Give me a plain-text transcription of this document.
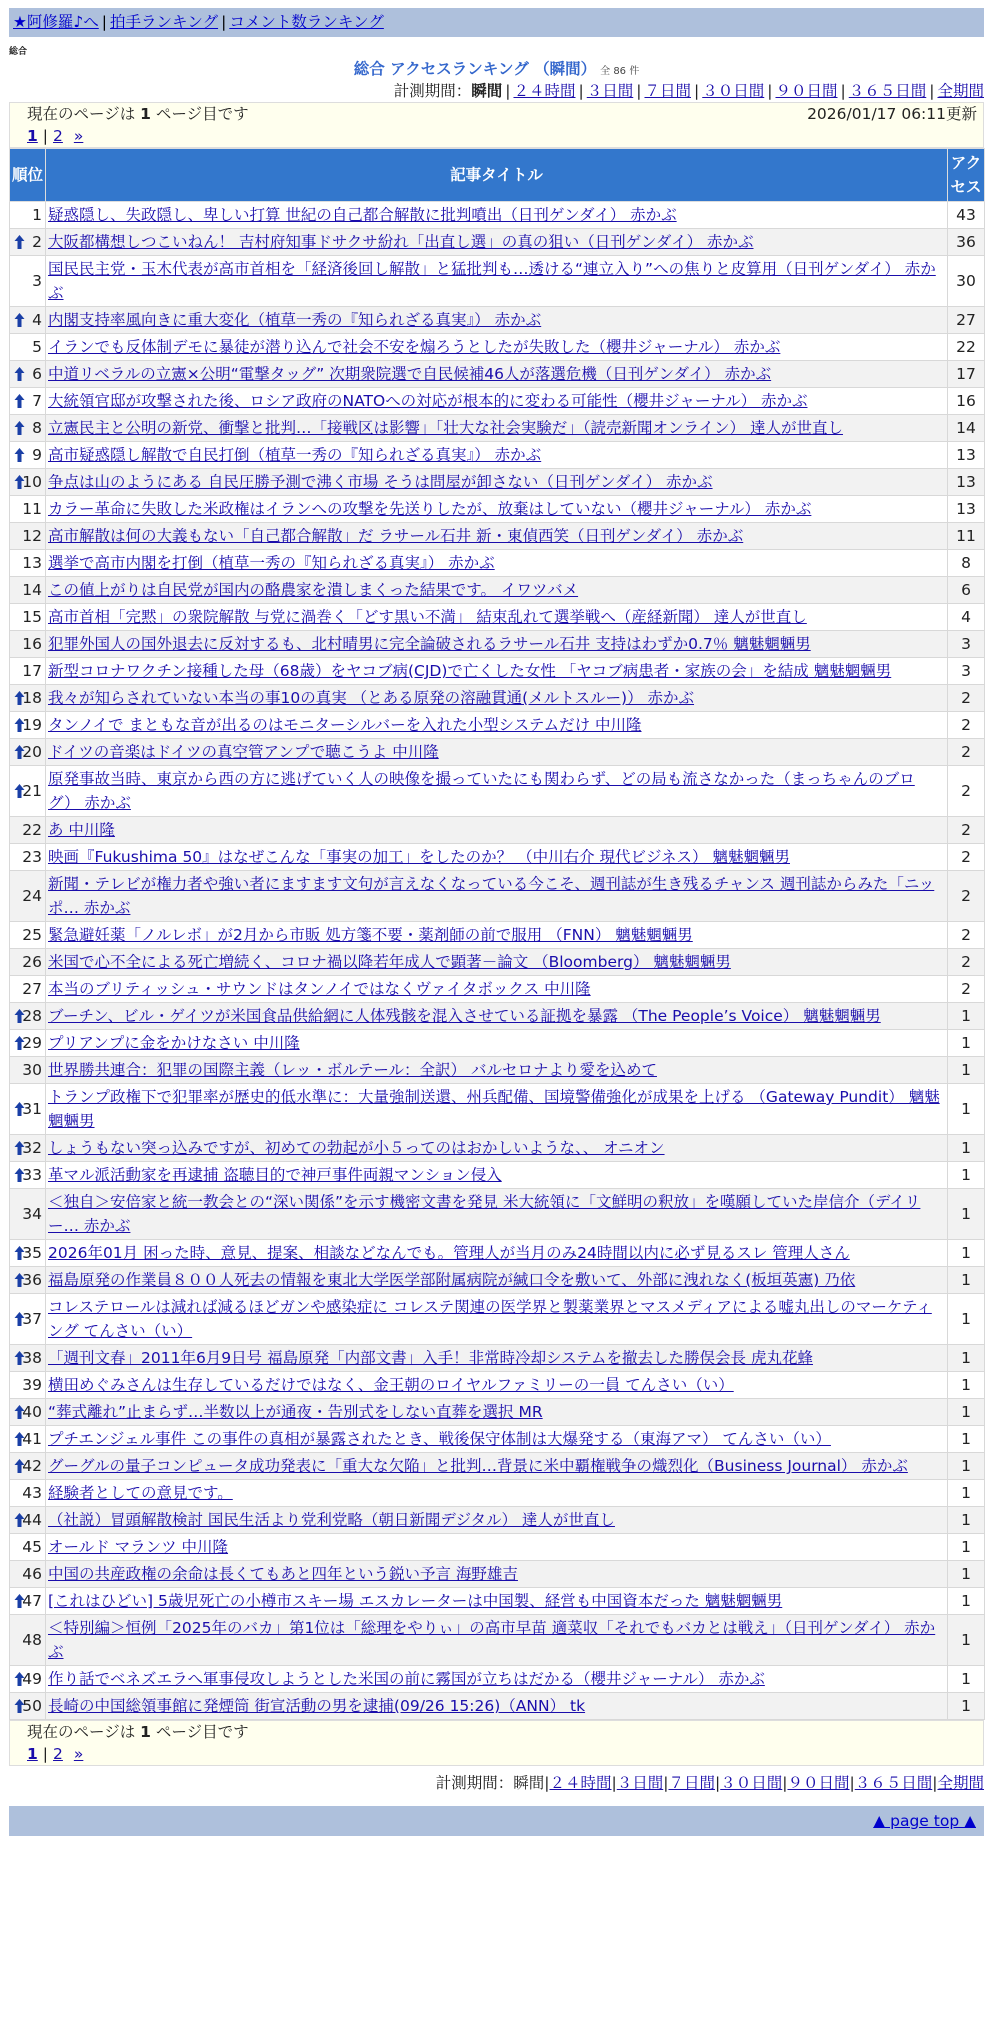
★阿修羅♪へ | 拍手ランキング | コメント数ランキング
総合
総合 アクセスランキング （瞬間） 全 86 件
計測期間：瞬間 | ２４時間 | ３日間 | ７日間 | ３０日間 | ９０日間 | ３６５日間 | 全期間
現在のページは 1 ページ目です	2026/01/17 06:11更新
1 | 2 »
順位	記事タイトル	アクセス
1	疑惑隠し、失政隠し、卑しい打算 世紀の自己都合解散に批判噴出（日刊ゲンダイ） 赤かぶ	43

2	大阪都構想しつこいねん！ 吉村府知事ドサクサ紛れ「出直し選」の真の狙い（日刊ゲンダイ） 赤かぶ	36
3	国民民主党・玉木代表が高市首相を「経済後回し解散」と猛批判も…透ける“連立入り”への焦りと皮算用（日刊ゲンダイ） 赤かぶ	30

4	内閣支持率風向きに重大変化（植草一秀の『知られざる真実』） 赤かぶ	27
5	イランでも反体制デモに暴徒が潜り込んで社会不安を煽ろうとしたが失敗した（櫻井ジャーナル） 赤かぶ	22

6	中道リベラルの立憲×公明“電撃タッグ” 次期衆院選で自民候補46人が落選危機（日刊ゲンダイ） 赤かぶ	17

7	大統領官邸が攻撃された後、ロシア政府のNATOへの対応が根本的に変わる可能性（櫻井ジャーナル） 赤かぶ	16

8	立憲民主と公明の新党、衝撃と批判…「接戦区は影響」「壮大な社会実験だ」（読売新聞オンライン） 達人が世直し	14

9	高市疑惑隠し解散で自民打倒（植草一秀の『知られざる真実』） 赤かぶ	13

10	争点は山のようにある 自民圧勝予測で沸く市場 そうは問屋が卸さない（日刊ゲンダイ） 赤かぶ	13
11	カラー革命に失敗した米政権はイランへの攻撃を先送りしたが、放棄はしていない（櫻井ジャーナル） 赤かぶ	13
12	高市解散は何の大義もない「自己都合解散」だ ラサール石井 新・東偵西笑（日刊ゲンダイ） 赤かぶ	11
13	選挙で高市内閣を打倒（植草一秀の『知られざる真実』） 赤かぶ	8
14	この値上がりは自民党が国内の酪農家を潰しまくった結果です。 イワツバメ	6
15	高市首相「完黙」の衆院解散 与党に渦巻く「どす黒い不満」 結束乱れて選挙戦へ（産経新聞） 達人が世直し	4
16	犯罪外国人の国外退去に反対するも、北村晴男に完全論破されるラサール石井 支持はわずか0.7％ 魑魅魍魎男	3
17	新型コロナワクチン接種した母（68歳）をヤコブ病(CJD)で亡くした女性 「ヤコブ病患者・家族の会」を結成 魑魅魍魎男	3

18	我々が知らされていない本当の事10の真実 （とある原発の溶融貫通(メルトスルー)） 赤かぶ	2

19	タンノイで まともな音が出るのはモニターシルバーを入れた小型システムだけ 中川隆	2

20	ドイツの音楽はドイツの真空管アンプで聴こうよ 中川隆	2

21	原発事故当時、東京から西の方に逃げていく人の映像を撮っていたにも関わらず、どの局も流さなかった（まっちゃんのブログ） 赤かぶ	2
22	あ 中川隆	2
23	映画『Fukushima 50』はなぜこんな「事実の加工」をしたのか？ （中川右介 現代ビジネス） 魑魅魍魎男	2
24	新聞・テレビが権力者や強い者にますます文句が言えなくなっている今こそ、週刊誌が生き残るチャンス 週刊誌からみた「ニッポ… 赤かぶ	2
25	緊急避妊薬「ノルレボ」が2月から市販 処方箋不要・薬剤師の前で服用 （FNN） 魑魅魍魎男	2
26	米国で心不全による死亡増続く、コロナ禍以降若年成人で顕著－論文 （Bloomberg） 魑魅魍魎男	2
27	本当のブリティッシュ・サウンドはタンノイではなくヴァイタボックス 中川隆	2

28	ブーチン、ビル・ゲイツが米国食品供給網に人体残骸を混入させている証拠を暴露 （The People’s Voice） 魑魅魍魎男	1

29	プリアンプに金をかけなさい 中川隆	1
30	世界勝共連合：犯罪の国際主義（レッ・ボルテール：全訳） バルセロナより愛を込めて	1

31	トランプ政権下で犯罪率が歴史的低水準に：大量強制送還、州兵配備、国境警備強化が成果を上げる （Gateway Pundit） 魑魅魍魎男	1

32	しょうもない突っ込みですが、初めての勃起が小５ってのはおかしいような、、 オニオン	1

33	革マル派活動家を再逮捕 盗聴目的で神戸事件両親マンション侵入	1
34	＜独自＞安倍家と統一教会との“深い関係”を示す機密文書を発見 米大統領に「文鮮明の釈放」を嘆願していた岸信介（デイリー… 赤かぶ	1

35	2026年01月 困った時、意見、提案、相談などなんでも。管理人が当月のみ24時間以内に必ず見るスレ 管理人さん	1

36	福島原発の作業員８００人死去の情報を東北大学医学部附属病院が緘口令を敷いて、外部に洩れなく(板垣英憲) 乃依	1

37	コレステロールは減れば減るほどガンや感染症に コレステ関連の医学界と製薬業界とマスメディアによる嘘丸出しのマーケティング てんさい（い）	1

38	「週刊文春」2011年6月9日号 福島原発「内部文書」入手！非常時冷却システムを撤去した勝俣会長 虎丸花蜂	1
39	横田めぐみさんは生存しているだけではなく、金王朝のロイヤルファミリーの一員 てんさい（い）	1

40	“葬式離れ”止まらず…半数以上が通夜・告別式をしない直葬を選択 MR	1

41	プチエンジェル事件 この事件の真相が暴露されたとき、戦後保守体制は大爆発する（東海アマ） てんさい（い）	1

42	グーグルの量子コンピュータ成功発表に「重大な欠陥」と批判…背景に米中覇権戦争の熾烈化（Business Journal） 赤かぶ	1
43	経験者としての意見です。	1

44	（社説）冒頭解散検討 国民生活より党利党略（朝日新聞デジタル） 達人が世直し	1
45	オールド マランツ 中川隆	1
46	中国の共産政権の余命は長くてもあと四年という鋭い予言 海野雄吉	1

47	[これはひどい] 5歳児死亡の小樽市スキー場 エスカレーターは中国製、経営も中国資本だった 魑魅魍魎男	1
48	＜特別編＞恒例「2025年のバカ」第1位は「総理をやりぃ」の高市早苗 適菜収「それでもバカとは戦え」（日刊ゲンダイ） 赤かぶ	1

49	作り話でベネズエラへ軍事侵攻しようとした米国の前に霧国が立ちはだかる（櫻井ジャーナル） 赤かぶ	1

50	長崎の中国総領事館に発煙筒 街宣活動の男を逮捕(09/26 15:26)（ANN） tk	1
現在のページは 1 ページ目です
1 | 2 »
計測期間：瞬間|２４時間|３日間|７日間|３０日間|９０日間|３６５日間|全期間
▲ page top ▲
